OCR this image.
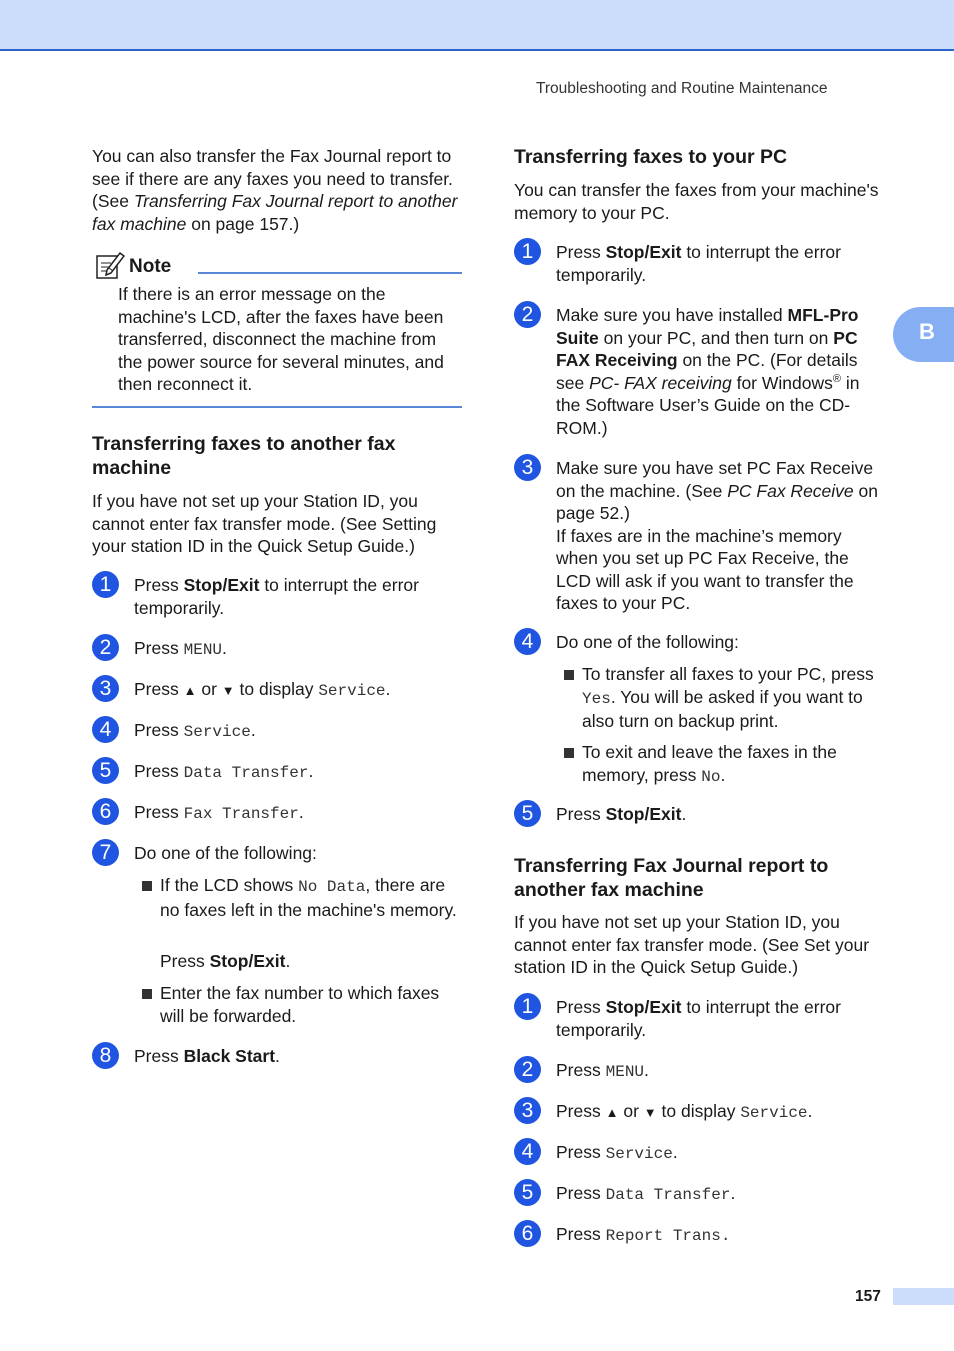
Troubleshooting and Routine Maintenance

You can also transfer the Fax Journal report to see if there are any faxes you need to transfer. (See Transferring Fax Journal report to another fax machine on page 157.)

Note
If there is an error message on the machine's LCD, after the faxes have been transferred, disconnect the machine from the power source for several minutes, and then reconnect it.
Transferring faxes to another fax machine

If you have not set up your Station ID, you cannot enter fax transfer mode. (See Setting your station ID in the Quick Setup Guide.)

1	Press Stop/Exit to interrupt the error temporarily.
2	Press MENU.
3	Press ▲ or ▼ to display Service.
4	Press Service.
5	Press Data Transfer.
6	Press Fax Transfer.
7	Do one of the following:
If the LCD shows No Data, there are no faxes left in the machine's memory.
Press Stop/Exit.
Enter the fax number to which faxes will be forwarded.
8	Press Black Start.
Transferring faxes to your PC

You can transfer the faxes from your machine's memory to your PC.

1	Press Stop/Exit to interrupt the error temporarily.
2	Make sure you have installed MFL-Pro Suite on your PC, and then turn on PC FAX Receiving on the PC. (For details see PC- FAX receiving for Windows® in the Software User’s Guide on the CD-ROM.)
3	Make sure you have set PC Fax Receive on the machine. (See PC Fax Receive on page 52.)
If faxes are in the machine’s memory when you set up PC Fax Receive, the LCD will ask if you want to transfer the faxes to your PC.
4	Do one of the following:
To transfer all faxes to your PC, press Yes. You will be asked if you want to also turn on backup print.
To exit and leave the faxes in the memory, press No.
5	Press Stop/Exit.
Transferring Fax Journal report to another fax machine

If you have not set up your Station ID, you cannot enter fax transfer mode. (See Set your station ID in the Quick Setup Guide.)

1	Press Stop/Exit to interrupt the error temporarily.
2	Press MENU.
3	Press ▲ or ▼ to display Service.
4	Press Service.
5	Press Data Transfer.
6	Press Report Trans.
B
157
